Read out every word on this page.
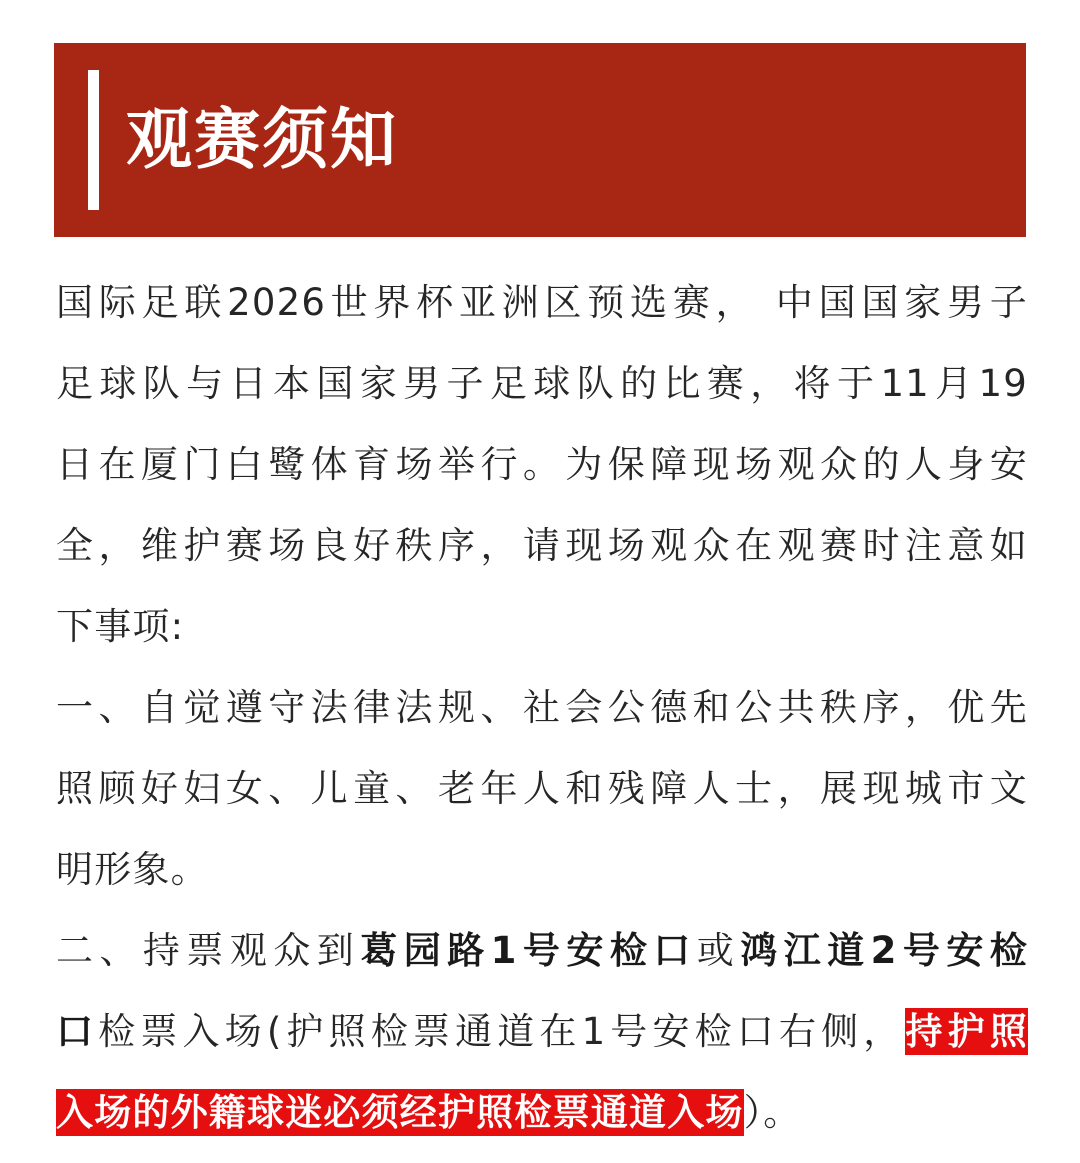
观赛须知
国际足联2026世界杯亚洲区预选赛， 中国国家男子
足球队与日本国家男子足球队的比赛，将于11月19
日在厦门白鹭体育场举行。为保障现场观众的人身安
全，维护赛场良好秩序，请现场观众在观赛时注意如
下事项:
一、自觉遵守法律法规、社会公德和公共秩序，优先
照顾好妇女、儿童、老年人和残障人士，展现城市文
明形象。
二、持票观众到葛园路1号安检口或鸿江道2号安检
口检票入场(护照检票通道在1号安检口右侧，持护照
入场的外籍球迷必须经护照检票通道入场）。
